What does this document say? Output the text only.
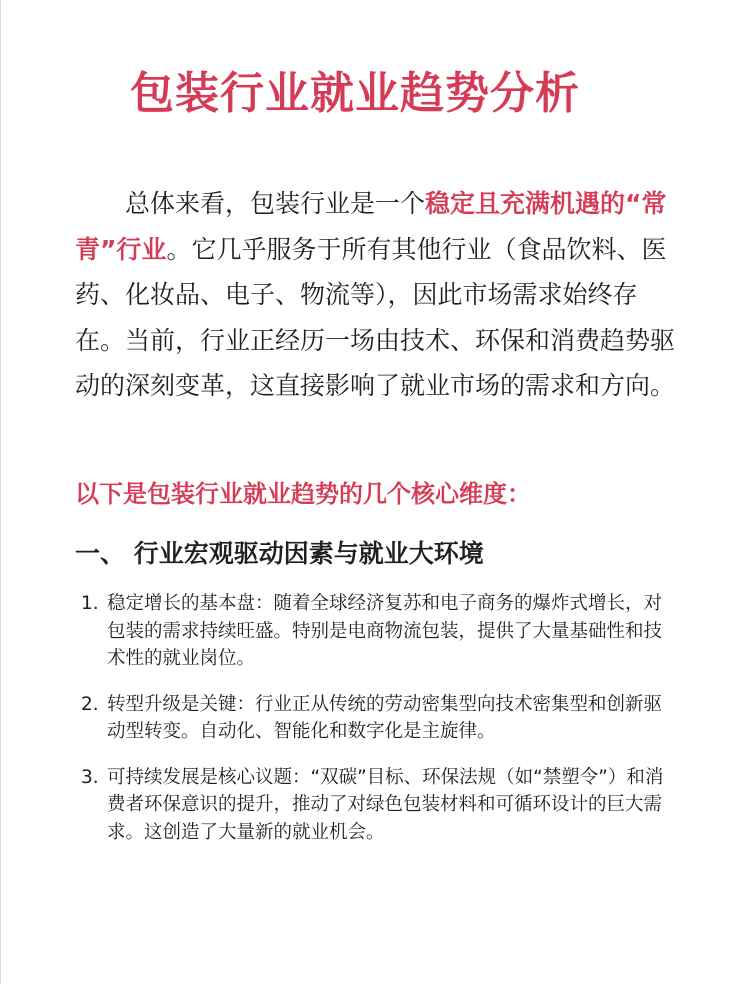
包装行业就业趋势分析

总体来看，包装行业是一个稳定且充满机遇的“常青”行业。它几乎服务于所有其他行业（食品饮料、医药、化妆品、电子、物流等），因此市场需求始终存在。当前，行业正经历一场由技术、环保和消费趋势驱动的深刻变革，这直接影响了就业市场的需求和方向。

以下是包装行业就业趋势的几个核心维度：
一、 行业宏观驱动因素与就业大环境
1. 稳定增长的基本盘：随着全球经济复苏和电子商务的爆炸式增长，对包装的需求持续旺盛。特别是电商物流包装，提供了大量基础性和技术性的就业岗位。
2. 转型升级是关键：行业正从传统的劳动密集型向技术密集型和创新驱动型转变。自动化、智能化和数字化是主旋律。
3. 可持续发展是核心议题：“双碳”目标、环保法规（如“禁塑令”）和消费者环保意识的提升，推动了对绿色包装材料和可循环设计的巨大需求。这创造了大量新的就业机会。
